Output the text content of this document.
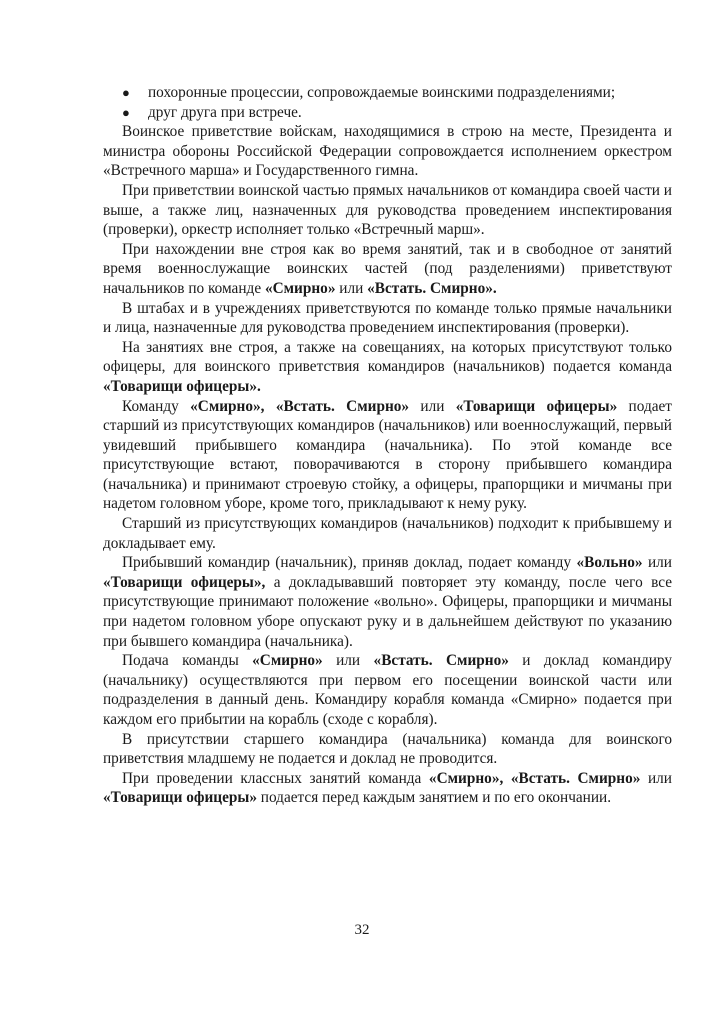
● похоронные процессии, сопровождаемые воинскими подразделениями;
● друг друга при встрече.

Воинское приветствие войскам, находящимися в строю на месте, Президента и министра обороны Российской Федерации сопровождается исполнением оркестром «Встречного марша» и Государственного гимна.

При приветствии воинской частью прямых начальников от командира своей части и выше, а также лиц, назначенных для руководства проведением инспектирования (проверки), оркестр исполняет только «Встречный марш».

При нахождении вне строя как во время занятий, так и в свободное от занятий время военнослужащие воинских частей (под разделениями) приветствуют начальников по команде «Смирно» или «Встать. Смирно».

В штабах и в учреждениях приветствуются по команде только прямые начальники и лица, назначенные для руководства проведением инспектирования (проверки).

На занятиях вне строя, а также на совещаниях, на которых присутствуют только офицеры, для воинского приветствия командиров (начальников) подается команда «Товарищи офицеры».

Команду «Смирно», «Встать. Смирно» или «Товарищи офицеры» подает старший из присутствующих командиров (начальников) или военнослужащий, первый увидевший прибывшего командира (начальника). По этой команде все присутствующие встают, поворачиваются в сторону прибывшего командира (начальника) и принимают строевую стойку, а офицеры, прапорщики и мичманы при надетом головном уборе, кроме того, прикладывают к нему руку.

Старший из присутствующих командиров (начальников) подходит к прибывшему и докладывает ему.

Прибывший командир (начальник), приняв доклад, подает команду «Вольно» или «Товарищи офицеры», а докладывавший повторяет эту команду, после чего все присутствующие принимают положение «вольно». Офицеры, прапорщики и мичманы при надетом головном уборе опускают руку и в дальнейшем действуют по указанию при бывшего командира (начальника).

Подача команды «Смирно» или «Встать. Смирно» и доклад командиру (начальнику) осуществляются при первом его посещении воинской части или подразделения в данный день. Командиру корабля команда «Смирно» подается при каждом его прибытии на корабль (сходе с корабля).

В присутствии старшего командира (начальника) команда для воинского приветствия младшему не подается и доклад не проводится.

При проведении классных занятий команда «Смирно», «Встать. Смирно» или «Товарищи офицеры» подается перед каждым занятием и по его окончании.

32
